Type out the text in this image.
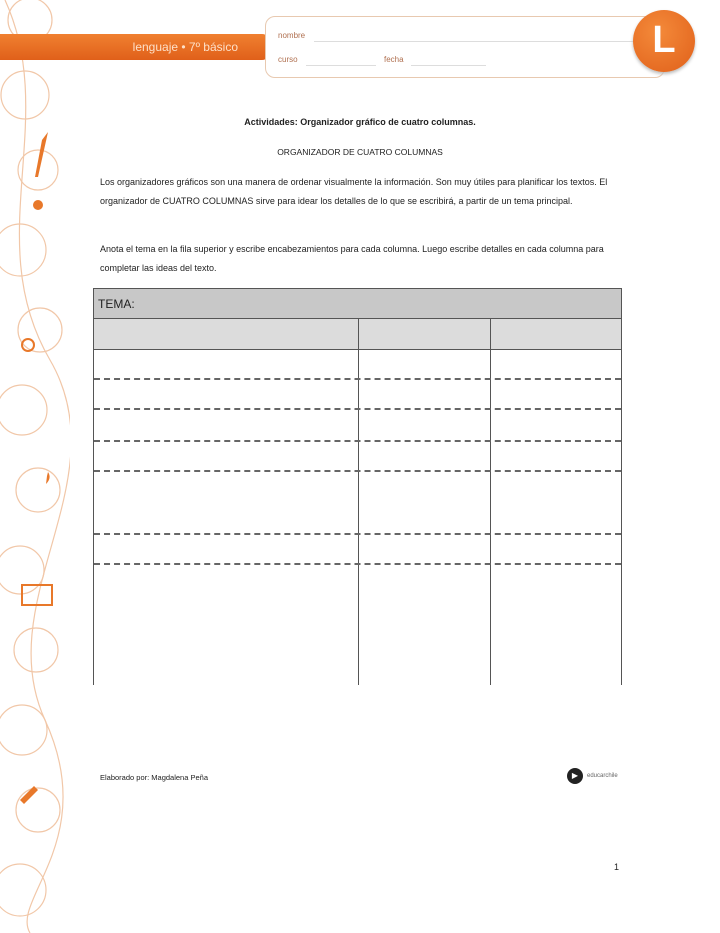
lenguaje • 7º básico
nombre
curso	fecha	L
Actividades: Organizador gráfico de cuatro columnas.
ORGANIZADOR DE CUATRO COLUMNAS

Los organizadores gráficos son una manera de ordenar visualmente la información. Son muy útiles para planificar los textos. El organizador de CUATRO COLUMNAS sirve para idear los detalles de lo que se escribirá, a partir de un tema principal.

Anota el tema en la fila superior y escribe encabezamientos para cada columna. Luego escribe detalles en cada columna para completar las ideas del texto.

TEMA:

Elaborado por: Magdalena Peña	▶	educarchile
1
